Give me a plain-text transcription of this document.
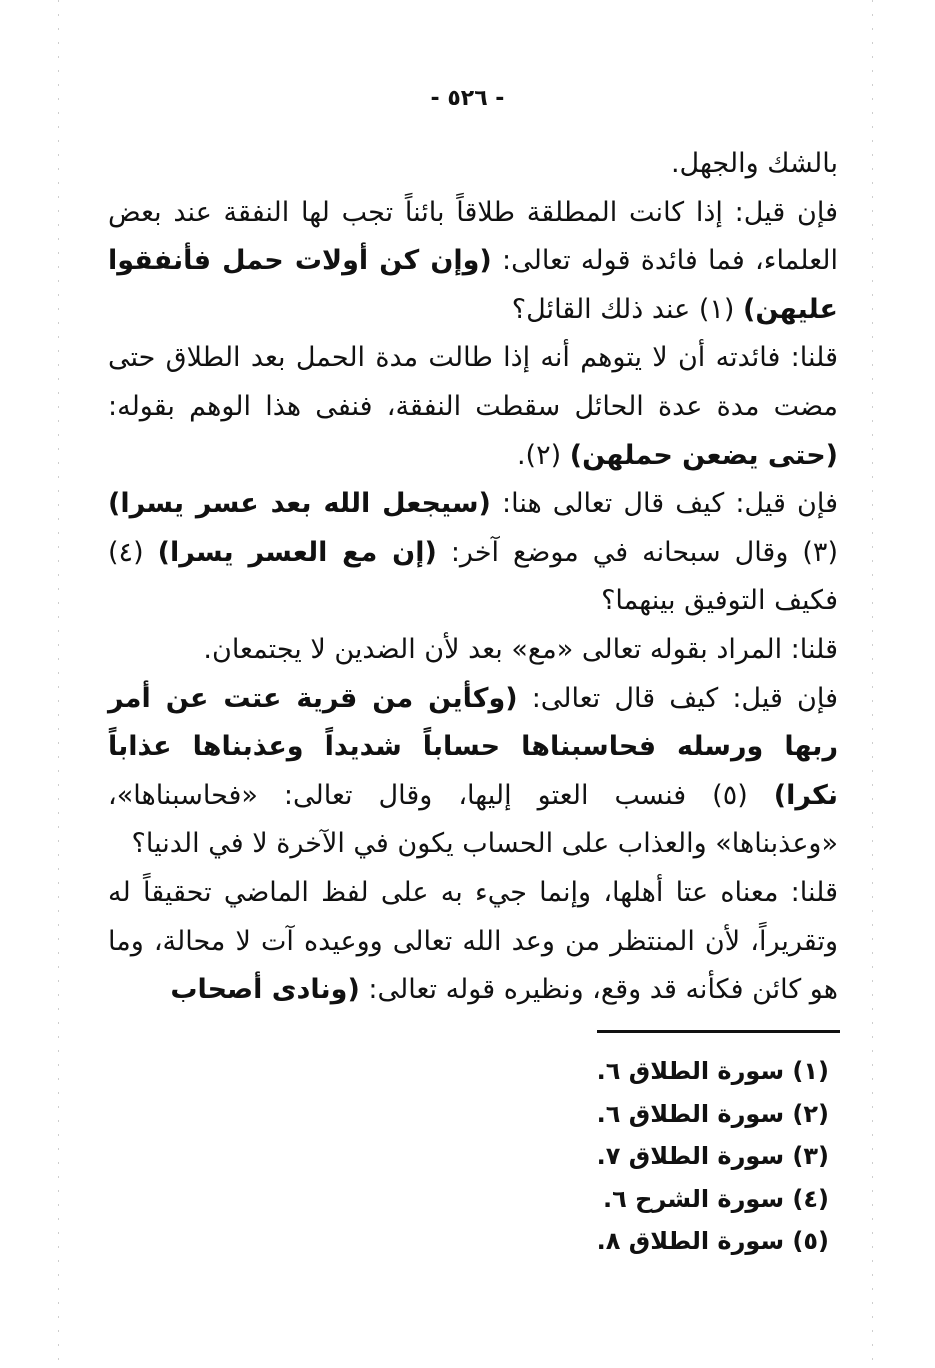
- ٥٢٦ -

بالشك والجهل.

فإن قيل: إذا كانت المطلقة طلاقاً بائناً تجب لها النفقة عند بعض العلماء، فما فائدة قوله تعالى: (وإن كن أولات حمل فأنفقوا عليهن) (١) عند ذلك القائل؟

قلنا: فائدته أن لا يتوهم أنه إذا طالت مدة الحمل بعد الطلاق حتى مضت مدة عدة الحائل سقطت النفقة، فنفى هذا الوهم بقوله: (حتى يضعن حملهن) (٢).

فإن قيل: كيف قال تعالى هنا: (سيجعل الله بعد عسر يسرا) (٣) وقال سبحانه في موضع آخر: (إن مع العسر يسرا) (٤) فكيف التوفيق بينهما؟

قلنا: المراد بقوله تعالى «مع» بعد لأن الضدين لا يجتمعان.

فإن قيل: كيف قال تعالى: (وكأين من قرية عتت عن أمر ربها ورسله فحاسبناها حساباً شديداً وعذبناها عذاباً نكرا) (٥) فنسب العتو إليها، وقال تعالى: «فحاسبناها»، «وعذبناها» والعذاب على الحساب يكون في الآخرة لا في الدنيا؟

قلنا: معناه عتا أهلها، وإنما جيء به على لفظ الماضي تحقيقاً له وتقريراً، لأن المنتظر من وعد الله تعالى ووعيده آت لا محالة، وما هو كائن فكأنه قد وقع، ونظيره قوله تعالى: (ونادى أصحاب

(١) سورة الطلاق ٦.
(٢) سورة الطلاق ٦.
(٣) سورة الطلاق ٧.
(٤) سورة الشرح ٦.
(٥) سورة الطلاق ٨.
